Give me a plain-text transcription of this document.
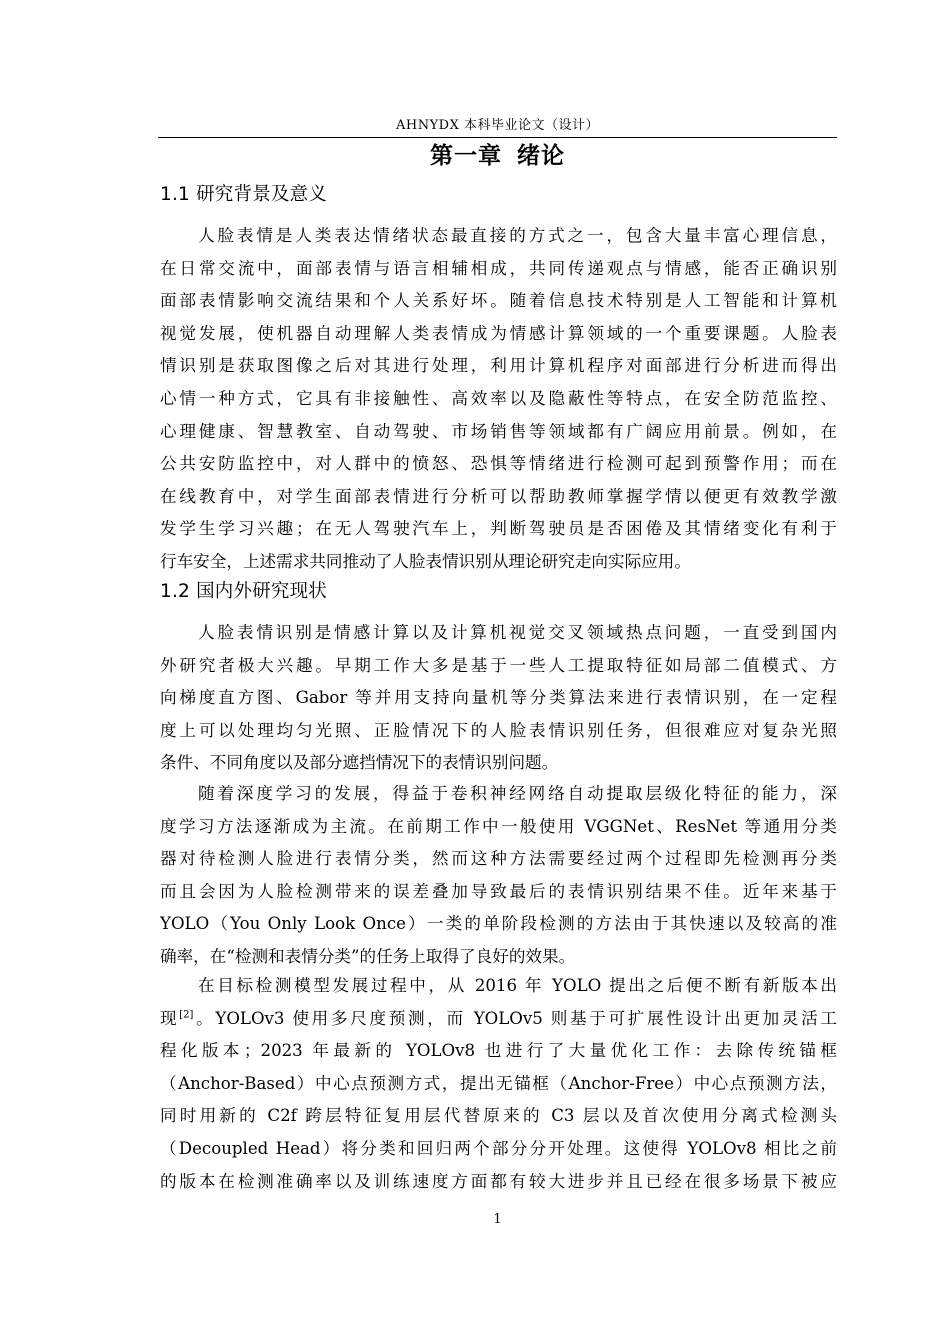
AHNYDX 本科毕业论文（设计）
第一章 绪论
1.1 研究背景及意义
人脸表情是人类表达情绪状态最直接的方式之一，包含大量丰富心理信息，
在日常交流中，面部表情与语言相辅相成，共同传递观点与情感，能否正确识别
面部表情影响交流结果和个人关系好坏。随着信息技术特别是人工智能和计算机
视觉发展，使机器自动理解人类表情成为情感计算领域的一个重要课题。人脸表
情识别是获取图像之后对其进行处理，利用计算机程序对面部进行分析进而得出
心情一种方式，它具有非接触性、高效率以及隐蔽性等特点，在安全防范监控、
心理健康、智慧教室、自动驾驶、市场销售等领域都有广阔应用前景。例如，在
公共安防监控中，对人群中的愤怒、恐惧等情绪进行检测可起到预警作用；而在
在线教育中，对学生面部表情进行分析可以帮助教师掌握学情以便更有效教学激
发学生学习兴趣；在无人驾驶汽车上，判断驾驶员是否困倦及其情绪变化有利于
行车安全，上述需求共同推动了人脸表情识别从理论研究走向实际应用。
1.2 国内外研究现状
人脸表情识别是情感计算以及计算机视觉交叉领域热点问题，一直受到国内
外研究者极大兴趣。早期工作大多是基于一些人工提取特征如局部二值模式、方
向梯度直方图、Gabor 等并用支持向量机等分类算法来进行表情识别，在一定程
度上可以处理均匀光照、正脸情况下的人脸表情识别任务，但很难应对复杂光照
条件、不同角度以及部分遮挡情况下的表情识别问题。
随着深度学习的发展，得益于卷积神经网络自动提取层级化特征的能力，深
度学习方法逐渐成为主流。在前期工作中一般使用 VGGNet、ResNet 等通用分类
器对待检测人脸进行表情分类，然而这种方法需要经过两个过程即先检测再分类
而且会因为人脸检测带来的误差叠加导致最后的表情识别结果不佳。近年来基于
YOLO（You Only Look Once）一类的单阶段检测的方法由于其快速以及较高的准
确率，在“检测和表情分类”的任务上取得了良好的效果。
在目标检测模型发展过程中，从 2016 年 YOLO 提出之后便不断有新版本出
现[2]。YOLOv3 使用多尺度预测，而 YOLOv5 则基于可扩展性设计出更加灵活工
程化版本；2023 年最新的 YOLOv8 也进行了大量优化工作：去除传统锚框
（Anchor-Based）中心点预测方式，提出无锚框（Anchor-Free）中心点预测方法，
同时用新的 C2f 跨层特征复用层代替原来的 C3 层以及首次使用分离式检测头
（Decoupled Head）将分类和回归两个部分分开处理。这使得 YOLOv8 相比之前
的版本在检测准确率以及训练速度方面都有较大进步并且已经在很多场景下被应
1
